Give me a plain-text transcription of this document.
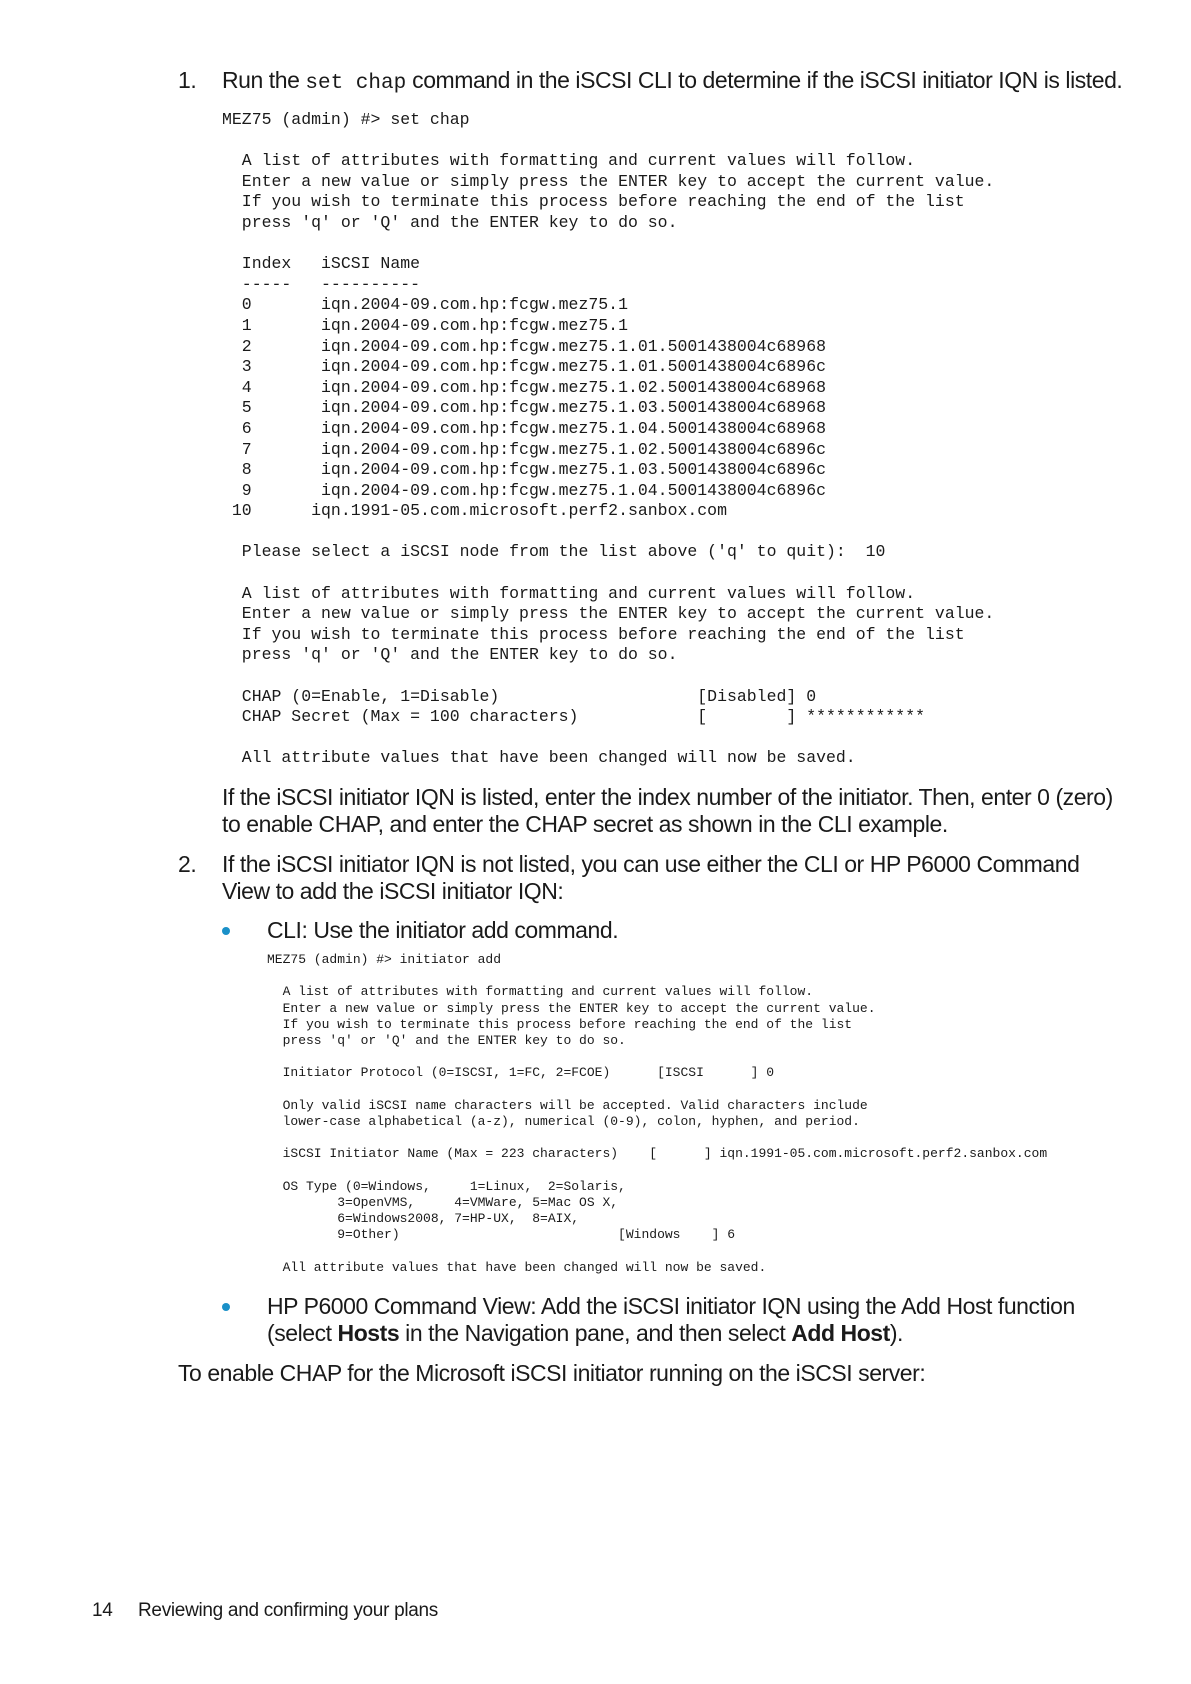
1. Run the set chap command in the iSCSI CLI to determine if the iSCSI initiator IQN is listed.
MEZ75 (admin) #> set chap

A list of attributes with formatting and current values will follow.
Enter a new value or simply press the ENTER key to accept the current value.
If you wish to terminate this process before reaching the end of the list
press 'q' or 'Q' and the ENTER key to do so.

Index   iSCSI Name
-----   ----------
0       iqn.2004-09.com.hp:fcgw.mez75.1
1       iqn.2004-09.com.hp:fcgw.mez75.1
2       iqn.2004-09.com.hp:fcgw.mez75.1.01.5001438004c68968
3       iqn.2004-09.com.hp:fcgw.mez75.1.01.5001438004c6896c
4       iqn.2004-09.com.hp:fcgw.mez75.1.02.5001438004c68968
5       iqn.2004-09.com.hp:fcgw.mez75.1.03.5001438004c68968
6       iqn.2004-09.com.hp:fcgw.mez75.1.04.5001438004c68968
7       iqn.2004-09.com.hp:fcgw.mez75.1.02.5001438004c6896c
8       iqn.2004-09.com.hp:fcgw.mez75.1.03.5001438004c6896c
9       iqn.2004-09.com.hp:fcgw.mez75.1.04.5001438004c6896c
10      iqn.1991-05.com.microsoft.perf2.sanbox.com

Please select a iSCSI node from the list above ('q' to quit):  10

A list of attributes with formatting and current values will follow.
Enter a new value or simply press the ENTER key to accept the current value.
If you wish to terminate this process before reaching the end of the list
press 'q' or 'Q' and the ENTER key to do so.

CHAP (0=Enable, 1=Disable)                    [Disabled] 0
CHAP Secret (Max = 100 characters)            [        ] ************

All attribute values that have been changed will now be saved.
If the iSCSI initiator IQN is listed, enter the index number of the initiator. Then, enter 0 (zero) to enable CHAP, and enter the CHAP secret as shown in the CLI example.
2. If the iSCSI initiator IQN is not listed, you can use either the CLI or HP P6000 Command View to add the iSCSI initiator IQN:
CLI: Use the initiator add command.
MEZ75 (admin) #> initiator add

A list of attributes with formatting and current values will follow.
Enter a new value or simply press the ENTER key to accept the current value.
If you wish to terminate this process before reaching the end of the list
press 'q' or 'Q' and the ENTER key to do so.

Initiator Protocol (0=ISCSI, 1=FC, 2=FCOE)      [ISCSI      ] 0

Only valid iSCSI name characters will be accepted. Valid characters include
lower-case alphabetical (a-z), numerical (0-9), colon, hyphen, and period.

iSCSI Initiator Name (Max = 223 characters)    [      ] iqn.1991-05.com.microsoft.perf2.sanbox.com

OS Type (0=Windows,     1=Linux,  2=Solaris,
3=OpenVMS,     4=VMWare, 5=Mac OS X,
6=Windows2008, 7=HP-UX,  8=AIX,
9=Other)                            [Windows    ] 6

All attribute values that have been changed will now be saved.
HP P6000 Command View: Add the iSCSI initiator IQN using the Add Host function
(select Hosts in the Navigation pane, and then select Add Host).
To enable CHAP for the Microsoft iSCSI initiator running on the iSCSI server:
14 Reviewing and confirming your plans
